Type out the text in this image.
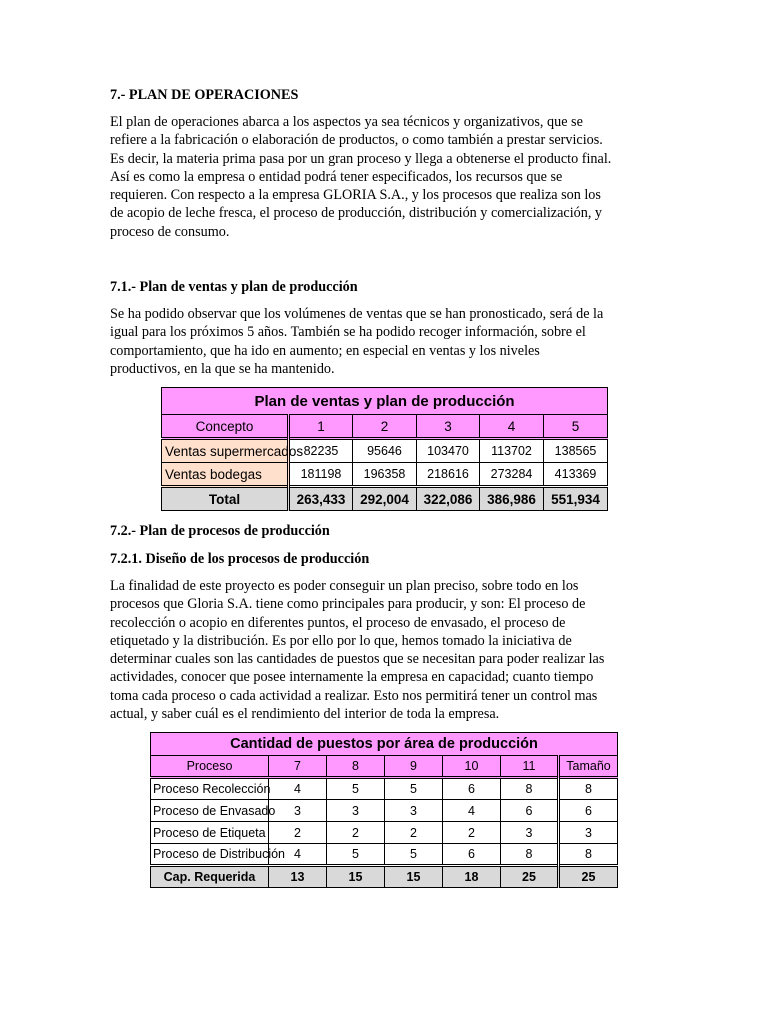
7.- PLAN DE OPERACIONES
El plan de operaciones abarca a los aspectos ya sea técnicos y organizativos, que se
refiere a la fabricación o elaboración de productos, o como también a prestar servicios.
Es decir, la materia prima pasa por un gran proceso y llega a obtenerse el producto final.
Así es como la empresa o entidad podrá tener especificados, los recursos que se
requieren. Con respecto a la empresa GLORIA S.A., y los procesos que realiza son los
de acopio de leche fresca, el proceso de producción, distribución y comercialización, y
proceso de consumo.
7.1.- Plan de ventas y plan de producción
Se ha podido observar que los volúmenes de ventas que se han pronosticado, será de la
igual para los próximos 5 años. También se ha podido recoger información, sobre el
comportamiento, que ha ido en aumento; en especial en ventas y los niveles
productivos, en la que se ha mantenido.
Plan de ventas y plan de producción					
Concepto	1	2	3	4	5
Ventas supermercados	82235	95646	103470	113702	138565
Ventas bodegas	181198	196358	218616	273284	413369
Total	263,433	292,004	322,086	386,986	551,934
7.2.- Plan de procesos de producción
7.2.1. Diseño de los procesos de producción
La finalidad de este proyecto es poder conseguir un plan preciso, sobre todo en los
procesos que Gloria S.A. tiene como principales para producir, y son: El proceso de
recolección o acopio en diferentes puntos, el proceso de envasado, el proceso de
etiquetado y la distribución. Es por ello por lo que, hemos tomado la iniciativa de
determinar cuales son las cantidades de puestos que se necesitan para poder realizar las
actividades, conocer que posee internamente la empresa en capacidad; cuanto tiempo
toma cada proceso o cada actividad a realizar. Esto nos permitirá tener un control mas
actual, y saber cuál es el rendimiento del interior de toda la empresa.
Cantidad de puestos por área de producción						
Proceso	7	8	9	10	11	Tamaño
Proceso Recolección	4	5	5	6	8	8
Proceso de Envasado	3	3	3	4	6	6
Proceso de Etiqueta	2	2	2	2	3	3
Proceso de Distribución	4	5	5	6	8	8
Cap. Requerida	13	15	15	18	25	25
